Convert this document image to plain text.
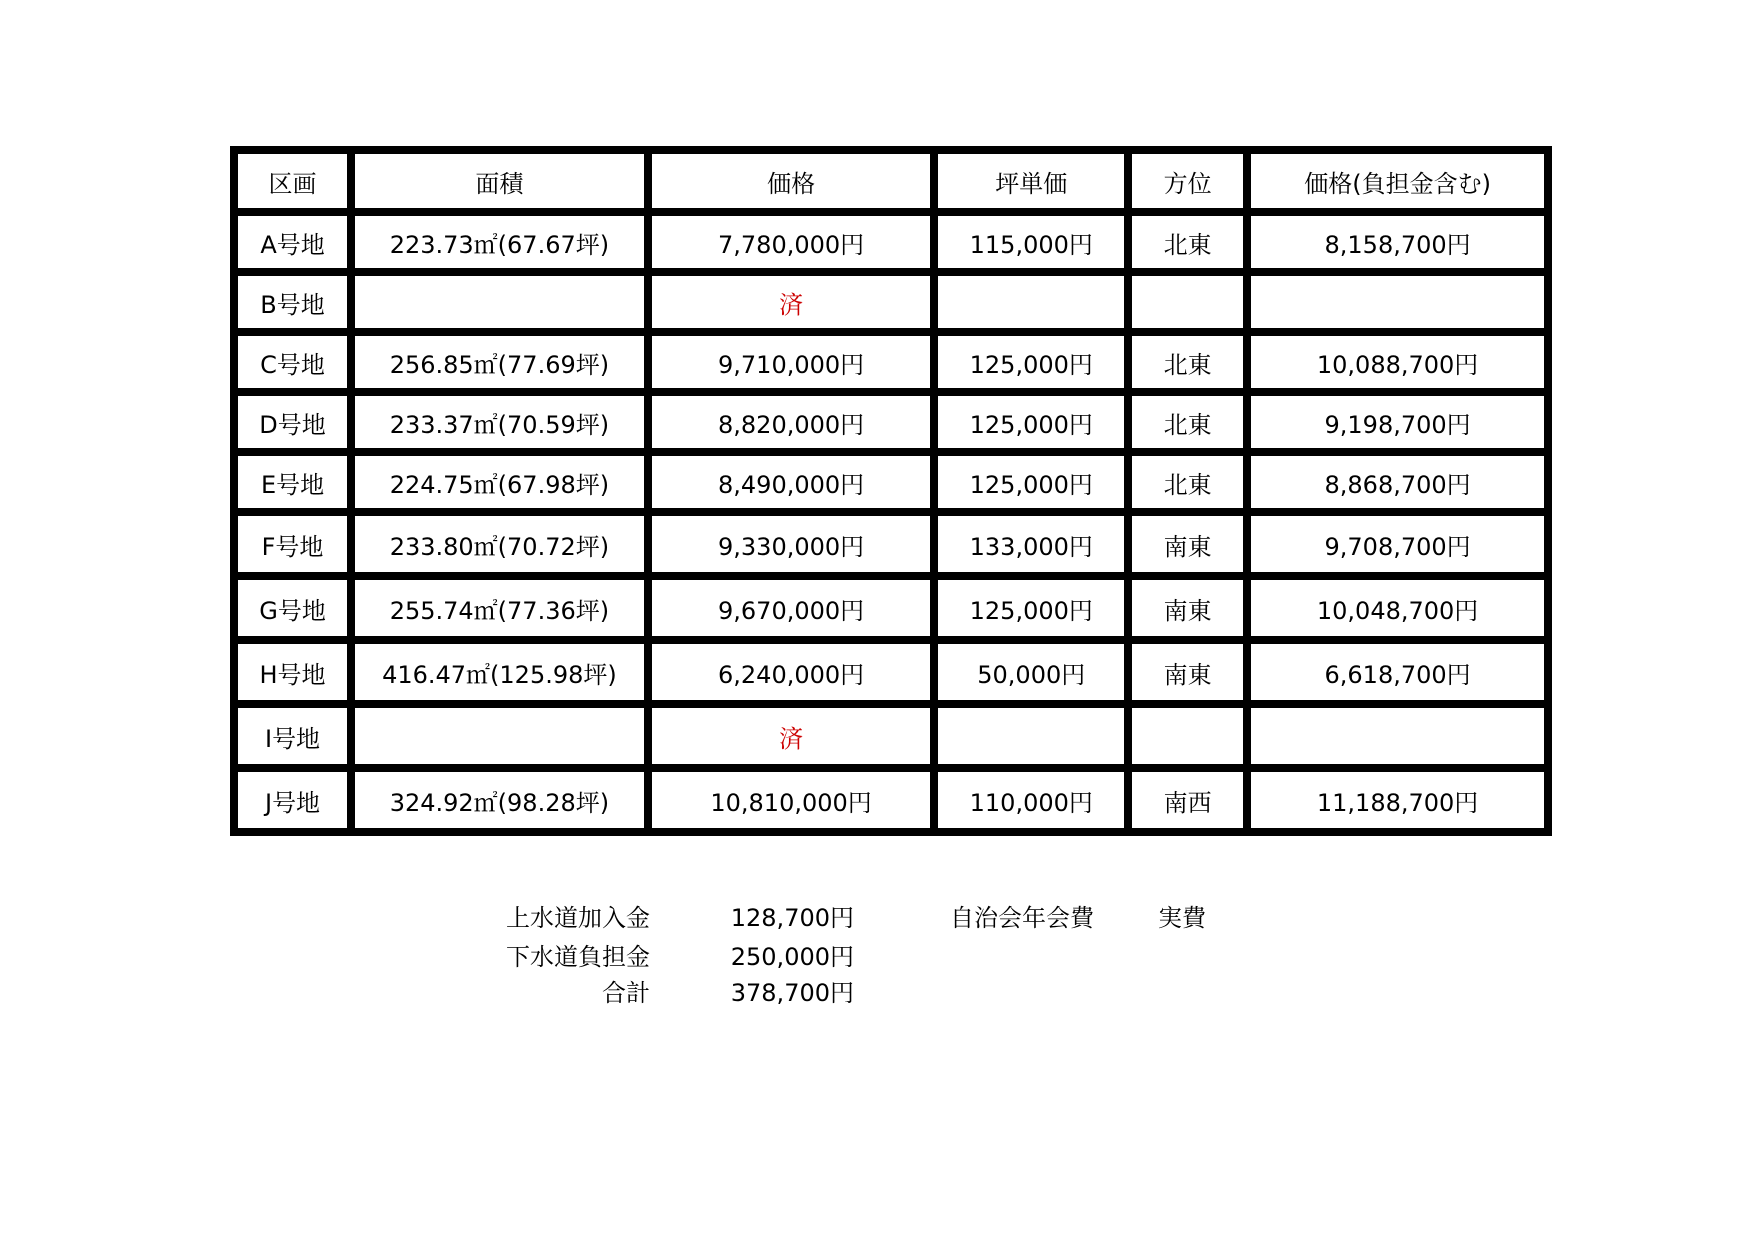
区画	面積	価格	坪単価	方位	価格(負担金含む)
A号地	223.73㎡(67.67坪)	7,780,000円	115,000円	北東	8,158,700円
B号地		済			
C号地	256.85㎡(77.69坪)	9,710,000円	125,000円	北東	10,088,700円
D号地	233.37㎡(70.59坪)	8,820,000円	125,000円	北東	9,198,700円
E号地	224.75㎡(67.98坪)	8,490,000円	125,000円	北東	8,868,700円
F号地	233.80㎡(70.72坪)	9,330,000円	133,000円	南東	9,708,700円
G号地	255.74㎡(77.36坪)	9,670,000円	125,000円	南東	10,048,700円
H号地	416.47㎡(125.98坪)	6,240,000円	50,000円	南東	6,618,700円
I号地		済			
J号地	324.92㎡(98.28坪)	10,810,000円	110,000円	南西	11,188,700円
上水道加入金	128,700円	自治会年会費	実費
下水道負担金	250,000円
合計	378,700円
